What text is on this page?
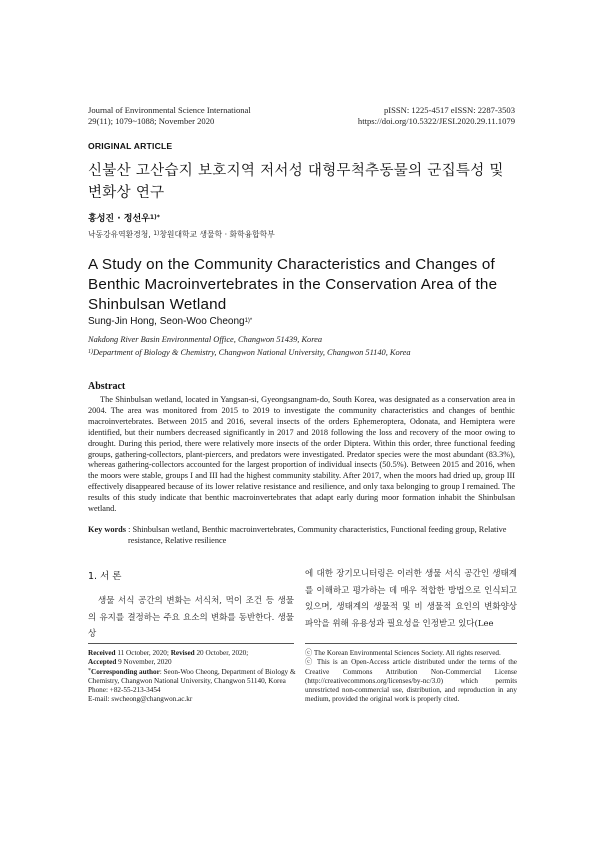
Journal of Environmental Science International
29(11); 1079~1088; November 2020
pISSN: 1225-4517 eISSN: 2287-3503
https://doi.org/10.5322/JESI.2020.29.11.1079
ORIGINAL ARTICLE
신불산 고산습지 보호지역 저서성 대형무척추동물의 군집특성 및
변화상 연구
홍성진 · 정선우$^{1)*}$
낙동강유역환경청, $^{1)}$창원대학교 생물학 · 화학융합학부
A Study on the Community Characteristics and Changes of Benthic Macroinvertebrates in the Conservation Area of the Shinbulsan Wetland
Sung-Jin Hong, Seon-Woo Cheong$^{1)*}$
Nakdong River Basin Environmental Office, Changwon 51439, Korea
$^{1)}$Department of Biology & Chemistry, Changwon National University, Changwon 51140, Korea
Abstract
The Shinbulsan wetland, located in Yangsan-si, Gyeongsangnam-do, South Korea, was designated as a conservation area in 2004. The area was monitored from 2015 to 2019 to investigate the community characteristics and changes of benthic macroinvertebrates. Between 2015 and 2016, several insects of the orders Ephemeroptera, Odonata, and Hemiptera were identified, but their numbers decreased significantly in 2017 and 2018 following the loss and recovery of the moor owing to drought. During this period, there were relatively more insects of the order Diptera. Within this order, three functional feeding groups, gathering-collectors, plant-piercers, and predators were investigated. Predator species were the most abundant (83.3%), whereas gathering-collectors accounted for the largest proportion of individual insects (50.5%). Between 2015 and 2016, when the moors were stable, groups I and III had the highest community stability. After 2017, when the moors had dried up, group III effectively disappeared because of its lower relative resistance and resilience, and only taxa belonging to group I remained. The results of this study indicate that benthic macroinvertebrates that adapt early during moor formation inhabit the Shinbulsan wetland.
Key words : Shinbulsan wetland, Benthic macroinvertebrates, Community characteristics, Functional feeding group, Relative
resistance, Relative resilience
1. 서 론
생물 서식 공간의 변화는 서식처, 먹이 조건 등 생물의 유지를 결정하는 주요 요소의 변화를 동반한다. 생물상
에 대한 장기모니터링은 이러한 생물 서식 공간인 생태계를 이해하고 평가하는 데 매우 적합한 방법으로 인식되고 있으며, 생태계의 생물적 및 비 생물적 요인의 변화양상 파악을 위해 유용성과 필요성을 인정받고 있다(Lee
Received 11 October, 2020; Revised 20 October, 2020;
Accepted 9 November, 2020
*Corresponding author: Seon-Woo Cheong, Department of Biology & Chemistry, Changwon National University, Changwon 51140, Korea
Phone: +82-55-213-3454
E-mail: swcheong@changwon.ac.kr
ⓒ The Korean Environmental Sciences Society. All rights reserved.
ⓒ This is an Open-Access article distributed under the terms of the Creative Commons Attribution Non-Commercial License (http://creativecommons.org/licenses/by-nc/3.0) which permits unrestricted non-commercial use, distribution, and reproduction in any medium, provided the original work is properly cited.
